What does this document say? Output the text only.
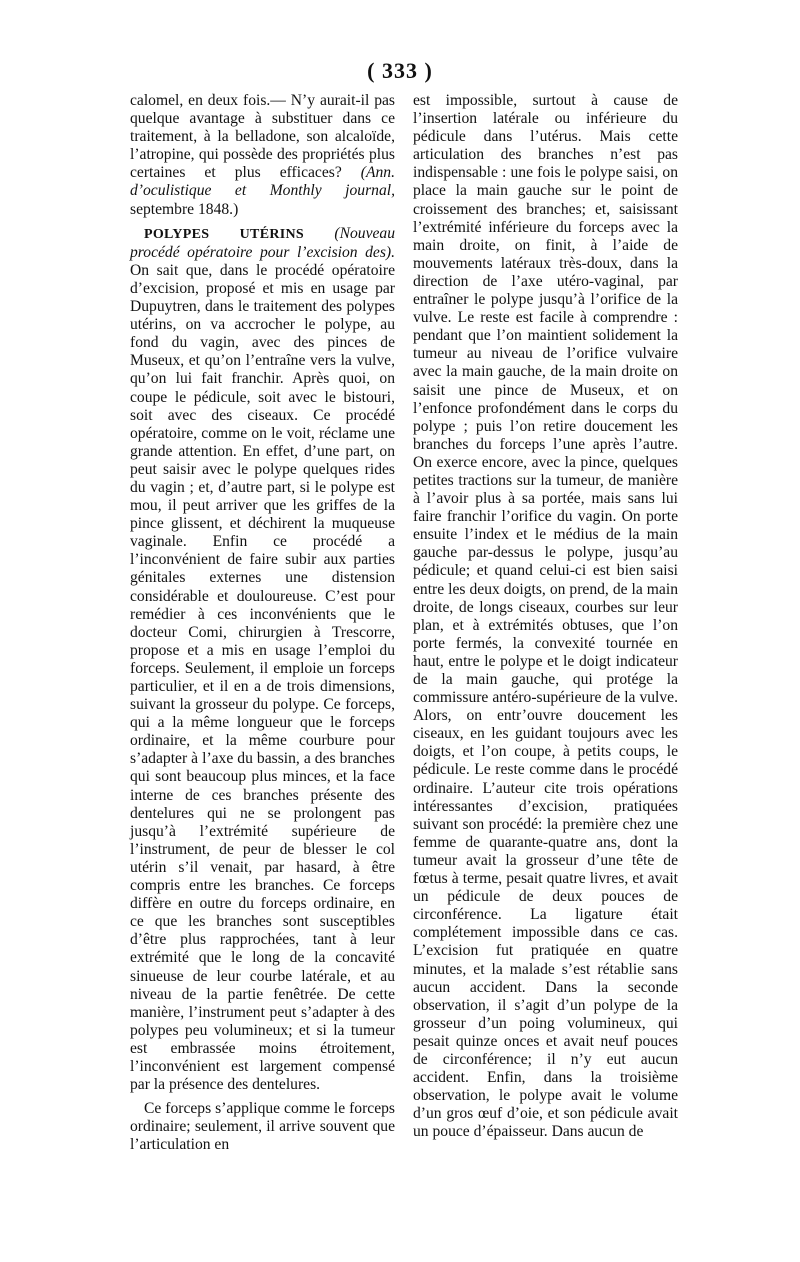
( 333 )

calomel, en deux fois.— N’y aurait-il pas quelque avantage à substituer dans ce traitement, à la belladone, son alcaloïde, l’atropine, qui possède des propriétés plus certaines et plus efficaces? (Ann. d’oculistique et Monthly journal, septembre 1848.)

POLYPES UTÉRINS (Nouveau procédé opératoire pour l’excision des). On sait que, dans le procédé opératoire d’excision, proposé et mis en usage par Dupuytren, dans le traitement des polypes utérins, on va accrocher le polype, au fond du vagin, avec des pinces de Museux, et qu’on l’entraîne vers la vulve, qu’on lui fait franchir. Après quoi, on coupe le pédicule, soit avec le bistouri, soit avec des ciseaux. Ce procédé opératoire, comme on le voit, réclame une grande attention. En effet, d’une part, on peut saisir avec le polype quelques rides du vagin ; et, d’autre part, si le polype est mou, il peut arriver que les griffes de la pince glissent, et déchirent la muqueuse vaginale. Enfin ce procédé a l’inconvénient de faire subir aux parties génitales externes une distension considérable et douloureuse. C’est pour remédier à ces inconvénients que le docteur Comi, chirurgien à Trescorre, propose et a mis en usage l’emploi du forceps. Seulement, il emploie un forceps particulier, et il en a de trois dimensions, suivant la grosseur du polype. Ce forceps, qui a la même longueur que le forceps ordinaire, et la même courbure pour s’adapter à l’axe du bassin, a des branches qui sont beaucoup plus minces, et la face interne de ces branches présente des dentelures qui ne se prolongent pas jusqu’à l’extrémité supérieure de l’instrument, de peur de blesser le col utérin s’il venait, par hasard, à être compris entre les branches. Ce forceps diffère en outre du forceps ordinaire, en ce que les branches sont susceptibles d’être plus rapprochées, tant à leur extrémité que le long de la concavité sinueuse de leur courbe latérale, et au niveau de la partie fenêtrée. De cette manière, l’instrument peut s’adapter à des polypes peu volumineux; et si la tumeur est embrassée moins étroitement, l’inconvénient est largement compensé par la présence des dentelures.

Ce forceps s’applique comme le forceps ordinaire; seulement, il arrive souvent que l’articulation en

est impossible, surtout à cause de l’insertion latérale ou inférieure du pédicule dans l’utérus. Mais cette articulation des branches n’est pas indispensable : une fois le polype saisi, on place la main gauche sur le point de croissement des branches; et, saisissant l’extrémité inférieure du forceps avec la main droite, on finit, à l’aide de mouvements latéraux très-doux, dans la direction de l’axe utéro-vaginal, par entraîner le polype jusqu’à l’orifice de la vulve. Le reste est facile à comprendre : pendant que l’on maintient solidement la tumeur au niveau de l’orifice vulvaire avec la main gauche, de la main droite on saisit une pince de Museux, et on l’enfonce profondément dans le corps du polype ; puis l’on retire doucement les branches du forceps l’une après l’autre. On exerce encore, avec la pince, quelques petites tractions sur la tumeur, de manière à l’avoir plus à sa portée, mais sans lui faire franchir l’orifice du vagin. On porte ensuite l’index et le médius de la main gauche par-dessus le polype, jusqu’au pédicule; et quand celui-ci est bien saisi entre les deux doigts, on prend, de la main droite, de longs ciseaux, courbes sur leur plan, et à extrémités obtuses, que l’on porte fermés, la convexité tournée en haut, entre le polype et le doigt indicateur de la main gauche, qui protége la commissure antéro-supérieure de la vulve. Alors, on entr’ouvre doucement les ciseaux, en les guidant toujours avec les doigts, et l’on coupe, à petits coups, le pédicule. Le reste comme dans le procédé ordinaire. L’auteur cite trois opérations intéressantes d’excision, pratiquées suivant son procédé: la première chez une femme de quarante-quatre ans, dont la tumeur avait la grosseur d’une tête de fœtus à terme, pesait quatre livres, et avait un pédicule de deux pouces de circonférence. La ligature était complétement impossible dans ce cas. L’excision fut pratiquée en quatre minutes, et la malade s’est rétablie sans aucun accident. Dans la seconde observation, il s’agit d’un polype de la grosseur d’un poing volumineux, qui pesait quinze onces et avait neuf pouces de circonférence; il n’y eut aucun accident. Enfin, dans la troisième observation, le polype avait le volume d’un gros œuf d’oie, et son pédicule avait un pouce d’épaisseur. Dans aucun de
